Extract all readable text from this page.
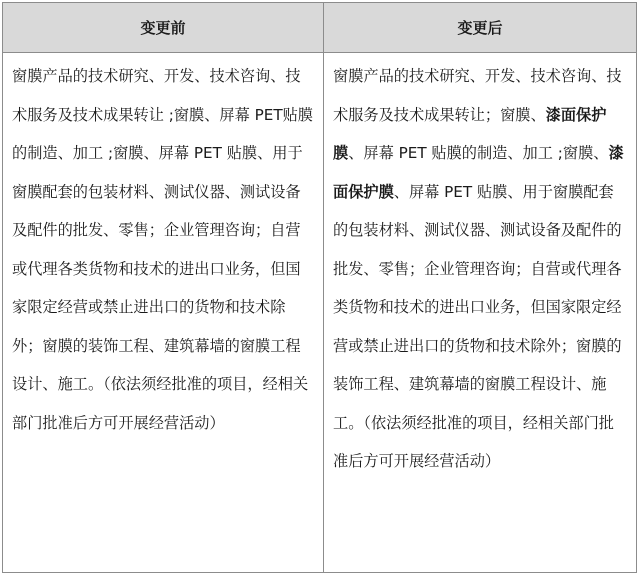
变更前	变更后
窗膜产品的技术研究、开发、技术咨询、技术服务及技术成果转让 ;窗膜、屏幕 PET贴膜的制造、加工 ;窗膜、屏幕 PET 贴膜、用于窗膜配套的包装材料、测试仪器、测试设备及配件的批发、零售；企业管理咨询；自营或代理各类货物和技术的进出口业务，但国家限定经营或禁止进出口的货物和技术除外；窗膜的装饰工程、建筑幕墙的窗膜工程设计、施工。（依法须经批准的项目，经相关部门批准后方可开展经营活动）	窗膜产品的技术研究、开发、技术咨询、技术服务及技术成果转让；窗膜、漆面保护膜、屏幕 PET 贴膜的制造、加工 ;窗膜、漆面保护膜、屏幕 PET 贴膜、用于窗膜配套的包装材料、测试仪器、测试设备及配件的批发、零售；企业管理咨询；自营或代理各类货物和技术的进出口业务，但国家限定经营或禁止进出口的货物和技术除外；窗膜的装饰工程、建筑幕墙的窗膜工程设计、施工。（依法须经批准的项目，经相关部门批准后方可开展经营活动）
